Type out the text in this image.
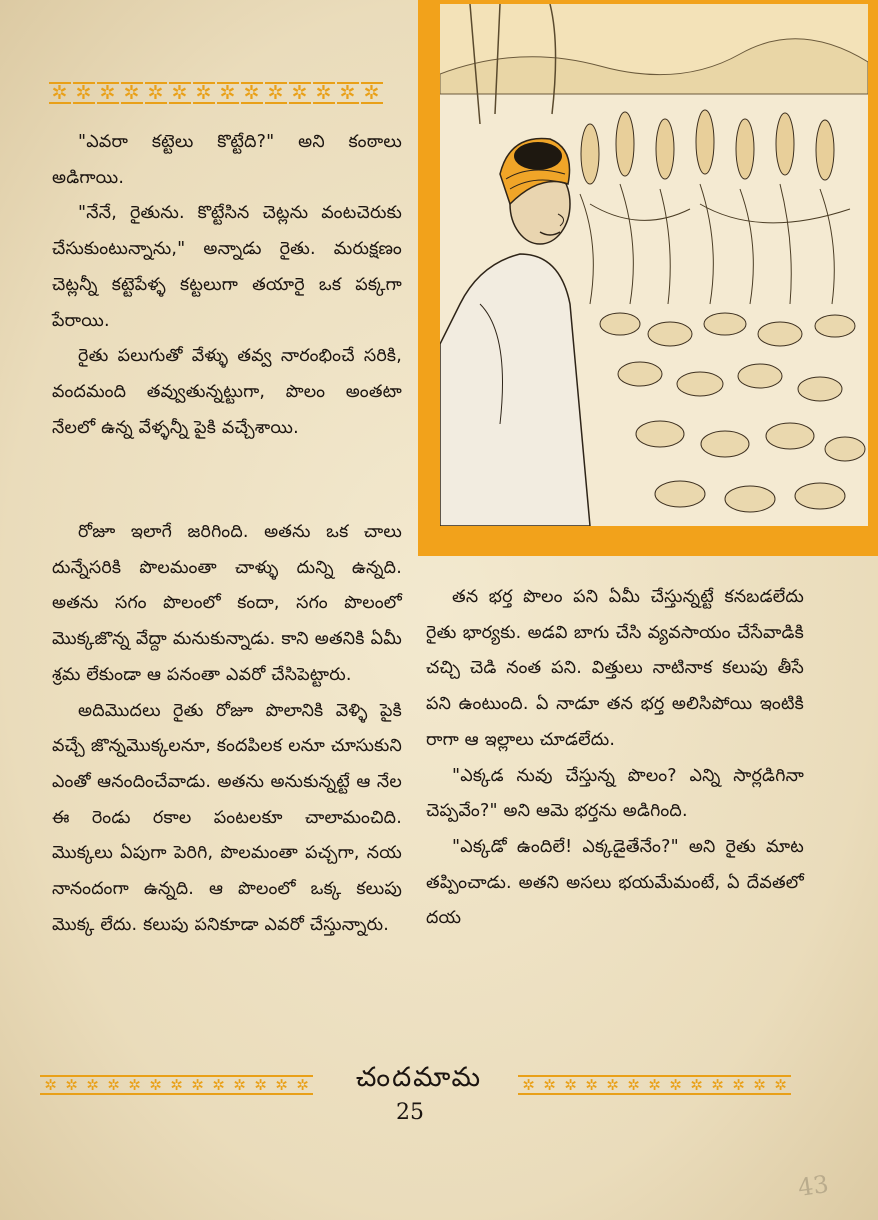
✲ ✲ ✲ ✲ ✲ ✲ ✲ ✲ ✲ ✲ ✲ ✲ ✲ ✲

"ఎవరా కట్టెలు కొట్టేది?" అని కంఠాలు అడిగాయి.

"నేనే, రైతును. కొట్టేసిన చెట్లను వంటచెరుకు చేసుకుంటున్నాను," అన్నాడు రైతు. మరుక్షణం చెట్లన్నీ కట్టెపేళ్ళ కట్టలుగా తయారై ఒక పక్కగా పేరాయి.

రైతు పలుగుతో వేళ్ళు తవ్వ నారంభించే సరికి, వందమంది తవ్వుతున్నట్టుగా, పొలం అంతటా నేలలో ఉన్న వేళ్ళన్నీ పైకి వచ్చేశాయి.

రోజూ ఇలాగే జరిగింది. అతను ఒక చాలు దున్నేసరికి పొలమంతా చాళ్ళు దున్ని ఉన్నది. అతను సగం పొలంలో కందా, సగం పొలంలో మొక్కజొన్న వేద్దా మనుకున్నాడు. కాని అతనికి ఏమీ శ్రమ లేకుండా ఆ పనంతా ఎవరో చేసిపెట్టారు.

అదిమొదలు రైతు రోజూ పొలానికి వెళ్ళి పైకి వచ్చే జొన్నమొక్కలనూ, కందపిలక లనూ చూసుకుని ఎంతో ఆనందించేవాడు. అతను అనుకున్నట్టే ఆ నేల ఈ రెండు రకాల పంటలకూ చాలామంచిది. మొక్కలు ఏపుగా పెరిగి, పొలమంతా పచ్చగా, నయ నానందంగా ఉన్నది. ఆ పొలంలో ఒక్క కలుపు మొక్క లేదు. కలుపు పనికూడా ఎవరో చేస్తున్నారు.

తన భర్త పొలం పని ఏమీ చేస్తున్నట్టే కనబడలేదు రైతు భార్యకు. అడవి బాగు చేసి వ్యవసాయం చేసేవాడికి చచ్చి చెడి నంత పని. విత్తులు నాటినాక కలుపు తీసే పని ఉంటుంది. ఏ నాడూ తన భర్త అలిసిపోయి ఇంటికి రాగా ఆ ఇల్లాలు చూడలేదు.

"ఎక్కడ నువు చేస్తున్న పొలం? ఎన్ని సార్లడిగినా చెప్పవేం?" అని ఆమె భర్తను అడిగింది.

"ఎక్కడో ఉందిలే! ఎక్కడైతేనేం?" అని రైతు మాట తప్పించాడు. అతని అసలు భయమేమంటే, ఏ దేవతలో దయ

✲ ✲ ✲ ✲ ✲ ✲ ✲ ✲ ✲ ✲ ✲ ✲ ✲	చందమామ	✲ ✲ ✲ ✲ ✲ ✲ ✲ ✲ ✲ ✲ ✲ ✲ ✲
25
43
